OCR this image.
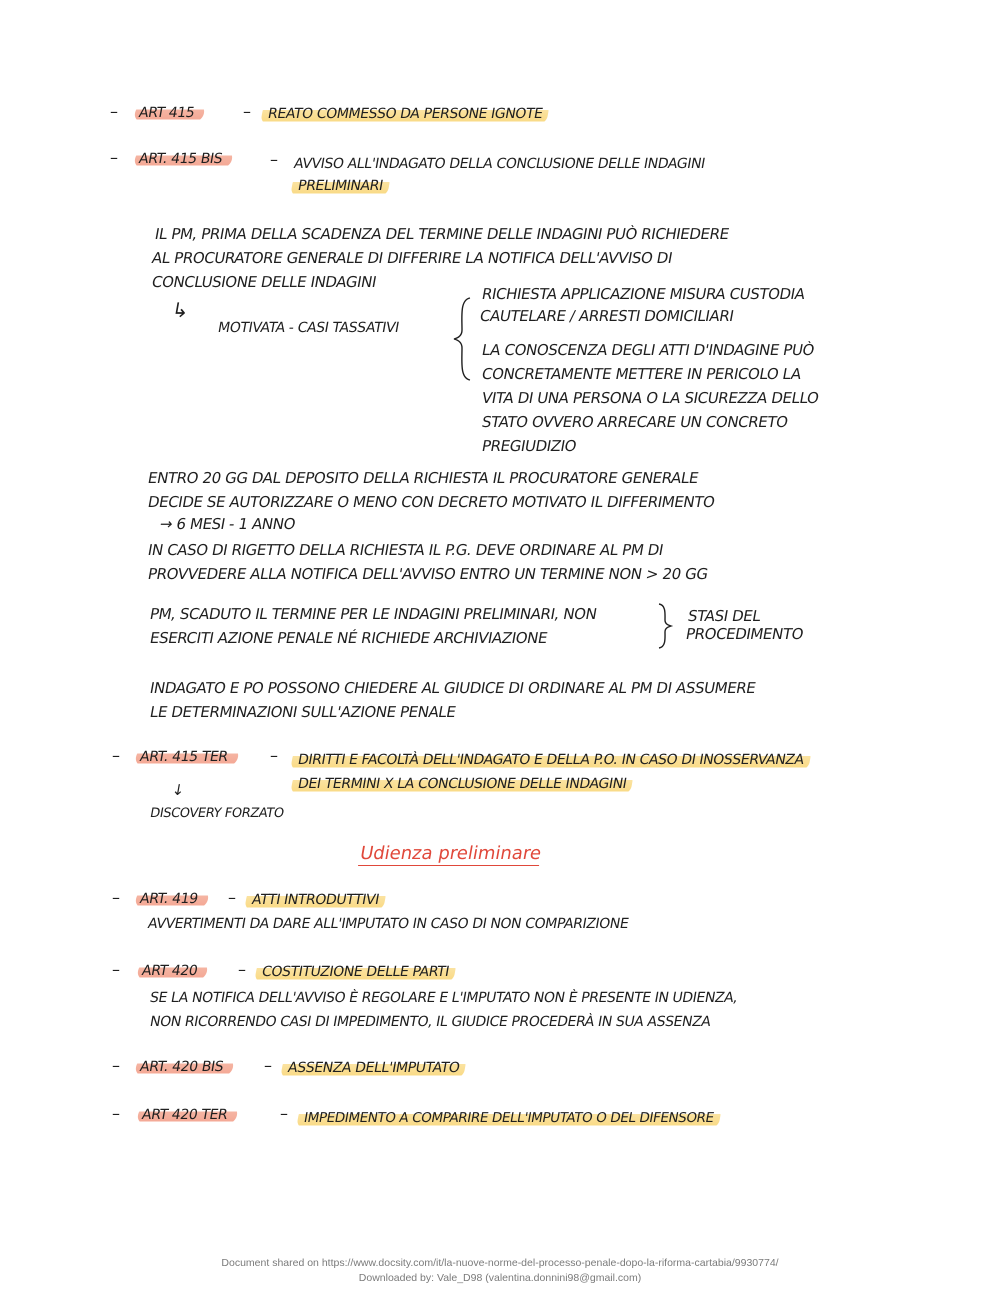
– ART 415	–	REATO COMMESSO DA PERSONE IGNOTE
– ART. 415 BIS	– AVVISO ALL'INDAGATO DELLA CONCLUSIONE DELLE INDAGINI
PRELIMINARI
IL PM, PRIMA DELLA SCADENZA DEL TERMINE DELLE INDAGINI PUÒ RICHIEDERE
AL PROCURATORE GENERALE DI DIFFERIRE LA NOTIFICA DELL'AVVISO DI
CONCLUSIONE DELLE INDAGINI
↳
MOTIVATA - CASI TASSATIVI
RICHIESTA APPLICAZIONE MISURA CUSTODIA
CAUTELARE / ARRESTI DOMICILIARI
LA CONOSCENZA DEGLI ATTI D'INDAGINE PUÒ
CONCRETAMENTE METTERE IN PERICOLO LA
VITA DI UNA PERSONA O LA SICUREZZA DELLO
STATO OVVERO ARRECARE UN CONCRETO
PREGIUDIZIO
ENTRO 20 GG DAL DEPOSITO DELLA RICHIESTA IL PROCURATORE GENERALE
DECIDE SE AUTORIZZARE O MENO CON DECRETO MOTIVATO IL DIFFERIMENTO
→ 6 MESI - 1 ANNO
IN CASO DI RIGETTO DELLA RICHIESTA IL P.G. DEVE ORDINARE AL PM DI
PROVVEDERE ALLA NOTIFICA DELL'AVVISO ENTRO UN TERMINE NON > 20 GG
PM, SCADUTO IL TERMINE PER LE INDAGINI PRELIMINARI, NON
ESERCITI AZIONE PENALE NÉ RICHIEDE ARCHIVIAZIONE
STASI DEL
PROCEDIMENTO
INDAGATO E PO POSSONO CHIEDERE AL GIUDICE DI ORDINARE AL PM DI ASSUMERE
LE DETERMINAZIONI SULL'AZIONE PENALE
– ART. 415 TER	–	DIRITTI E FACOLTÀ DELL'INDAGATO E DELLA P.O. IN CASO DI INOSSERVANZA
DEI TERMINI X LA CONCLUSIONE DELLE INDAGINI
↓
DISCOVERY FORZATO
Udienza preliminare
– ART. 419	–	ATTI INTRODUTTIVI
AVVERTIMENTI DA DARE ALL'IMPUTATO IN CASO DI NON COMPARIZIONE
– ART 420	–	COSTITUZIONE DELLE PARTI
SE LA NOTIFICA DELL'AVVISO È REGOLARE E L'IMPUTATO NON È PRESENTE IN UDIENZA,
NON RICORRENDO CASI DI IMPEDIMENTO, IL GIUDICE PROCEDERÀ IN SUA ASSENZA
– ART. 420 BIS	–	ASSENZA DELL'IMPUTATO
– ART 420 TER	–	IMPEDIMENTO A COMPARIRE DELL'IMPUTATO O DEL DIFENSORE
Document shared on https://www.docsity.com/it/la-nuove-norme-del-processo-penale-dopo-la-riforma-cartabia/9930774/
Downloaded by: Vale_D98 (valentina.donnini98@gmail.com)
